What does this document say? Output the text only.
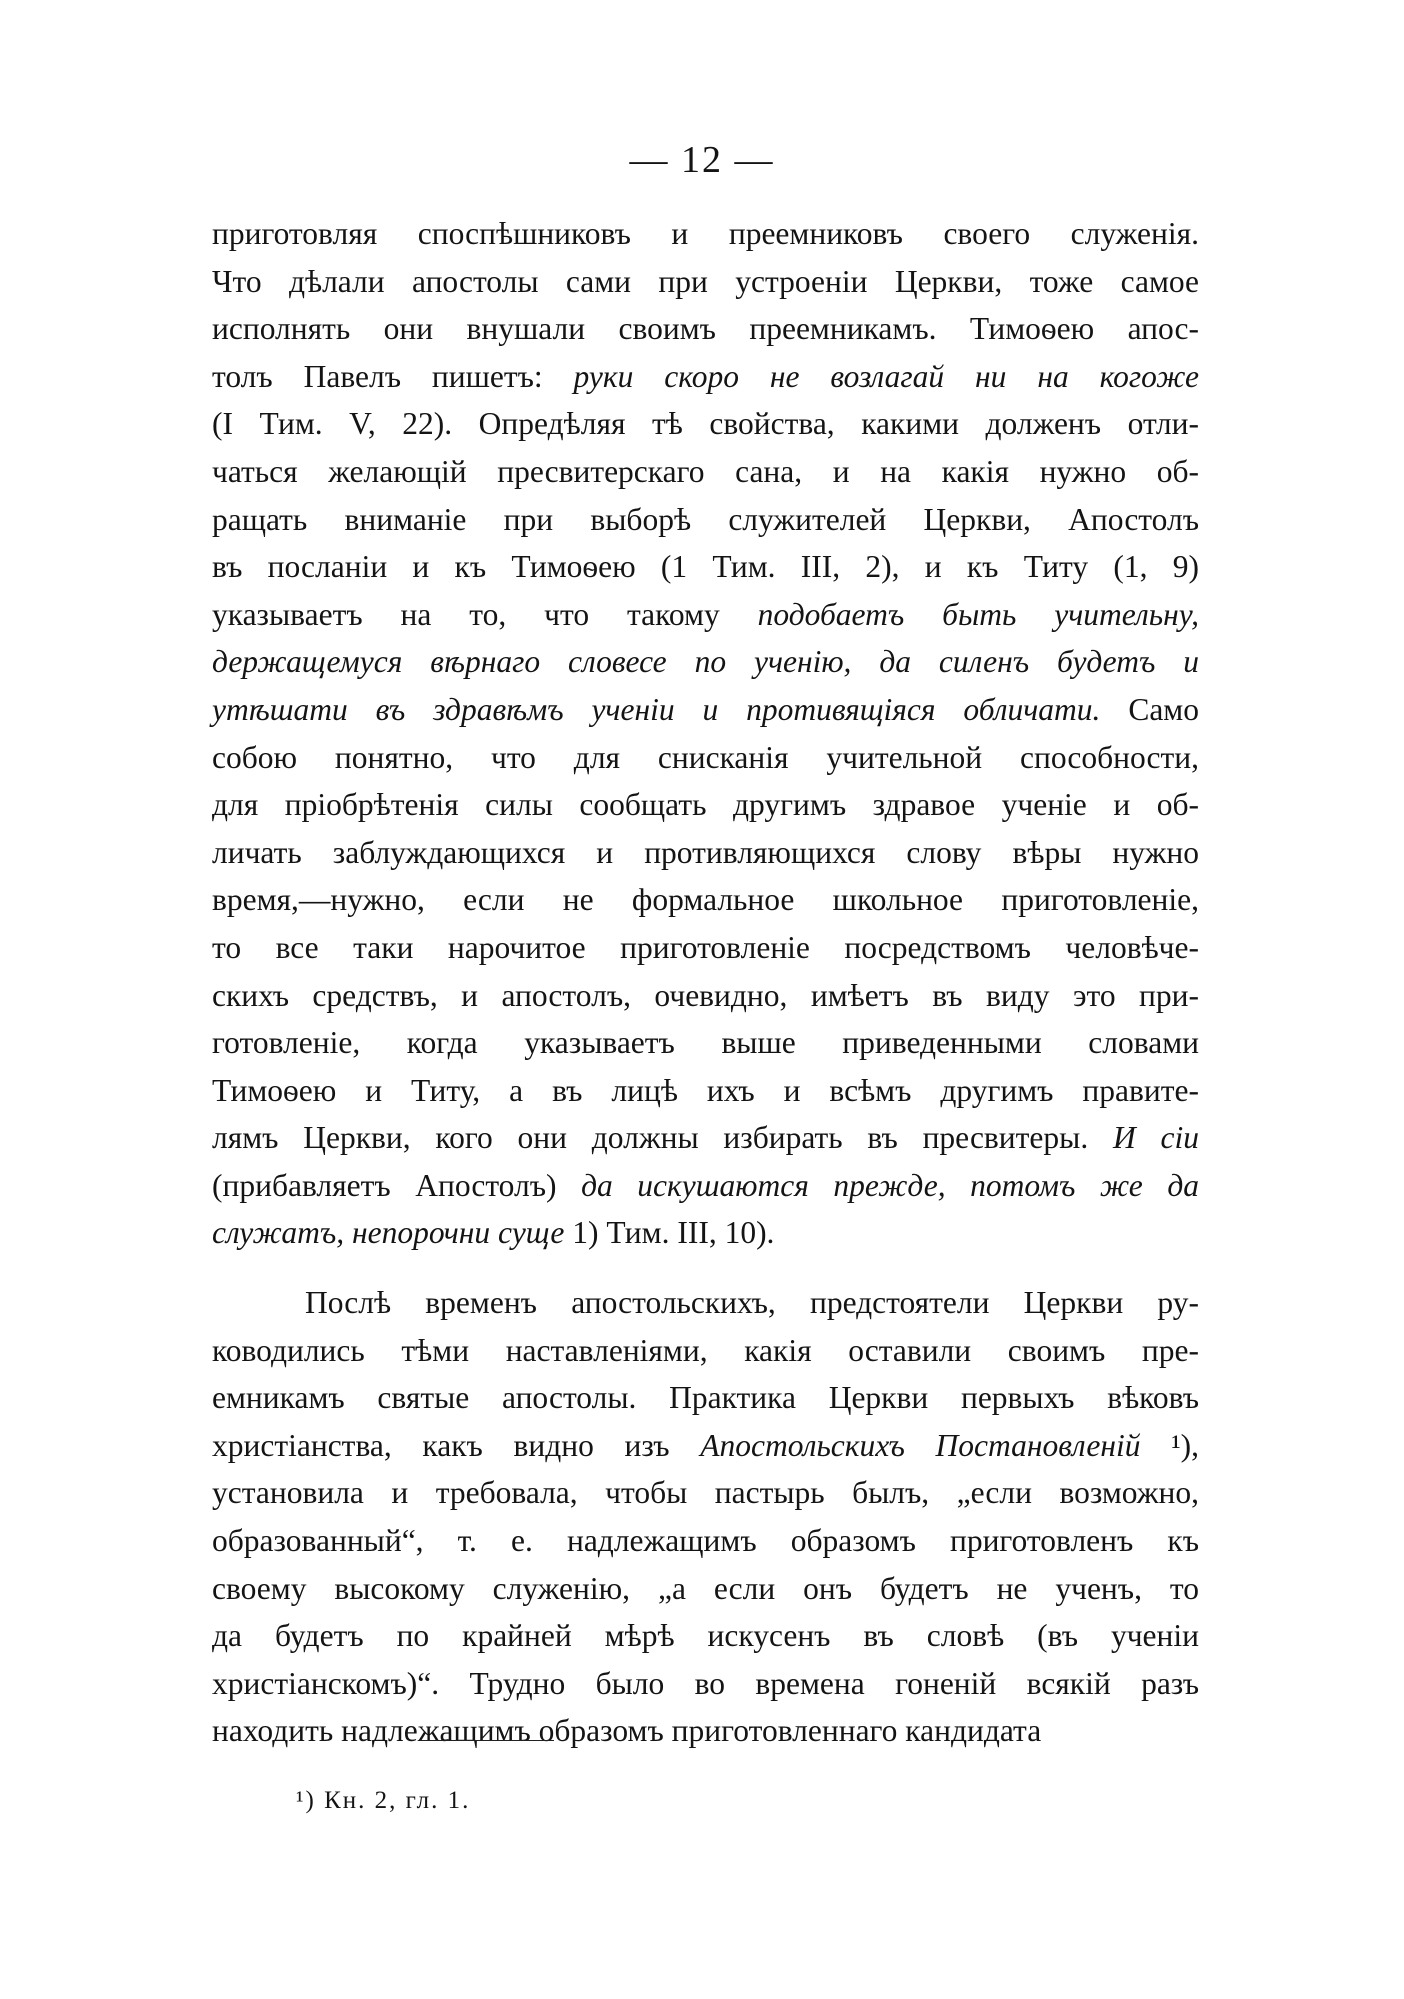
— 12 —

приготовляя споспѣшниковъ и преемниковъ своего служенія.
Что дѣлали апостолы сами при устроеніи Церкви, тоже самое
исполнять они внушали своимъ преемникамъ. Тимоѳею апос-
толъ Павелъ пишетъ: руки скоро не возлагай ни на когоже
(I Тим. V, 22). Опредѣляя тѣ свойства, какими долженъ отли-
чаться желающій пресвитерскаго сана, и на какія нужно об-
ращать вниманіе при выборѣ служителей Церкви, Апостолъ
въ посланіи и къ Тимоѳею (1 Тим. III, 2), и къ Титу (1, 9)
указываетъ на то, что такому подобаетъ быть учительну,
держащемуся вѣрнаго словесе по ученію, да силенъ будетъ и
утѣшати въ здравѣмъ ученіи и противящіяся обличати. Само
собою понятно, что для снисканія учительной способности,
для пріобрѣтенія силы сообщать другимъ здравое ученіе и об-
личать заблуждающихся и противляющихся слову вѣры нужно
время,—нужно, если не формальное школьное приготовленіе,
то все таки нарочитое приготовленіе посредствомъ человѣче-
скихъ средствъ, и апостолъ, очевидно, имѣетъ въ виду это при-
готовленіе, когда указываетъ выше приведенными словами
Тимоѳею и Титу, а въ лицѣ ихъ и всѣмъ другимъ правите-
лямъ Церкви, кого они должны избирать въ пресвитеры. И сіи
(прибавляетъ Апостолъ) да искушаются прежде, потомъ же да
служатъ, непорочни суще 1) Тим. III, 10).

Послѣ временъ апостольскихъ, предстоятели Церкви ру-
ководились тѣми наставленіями, какія оставили своимъ пре-
емникамъ святые апостолы. Практика Церкви первыхъ вѣковъ
христіанства, какъ видно изъ Апостольскихъ Постановленій ¹),
установила и требовала, чтобы пастырь былъ, „если возможно,
образованный“, т. е. надлежащимъ образомъ приготовленъ къ
своему высокому служенію, „а если онъ будетъ не ученъ, то
да будетъ по крайней мѣрѣ искусенъ въ словѣ (въ ученіи
христіанскомъ)“. Трудно было во времена гоненій всякій разъ
находить надлежащимъ образомъ приготовленнаго кандидата

¹) Кн. 2, гл. 1.
